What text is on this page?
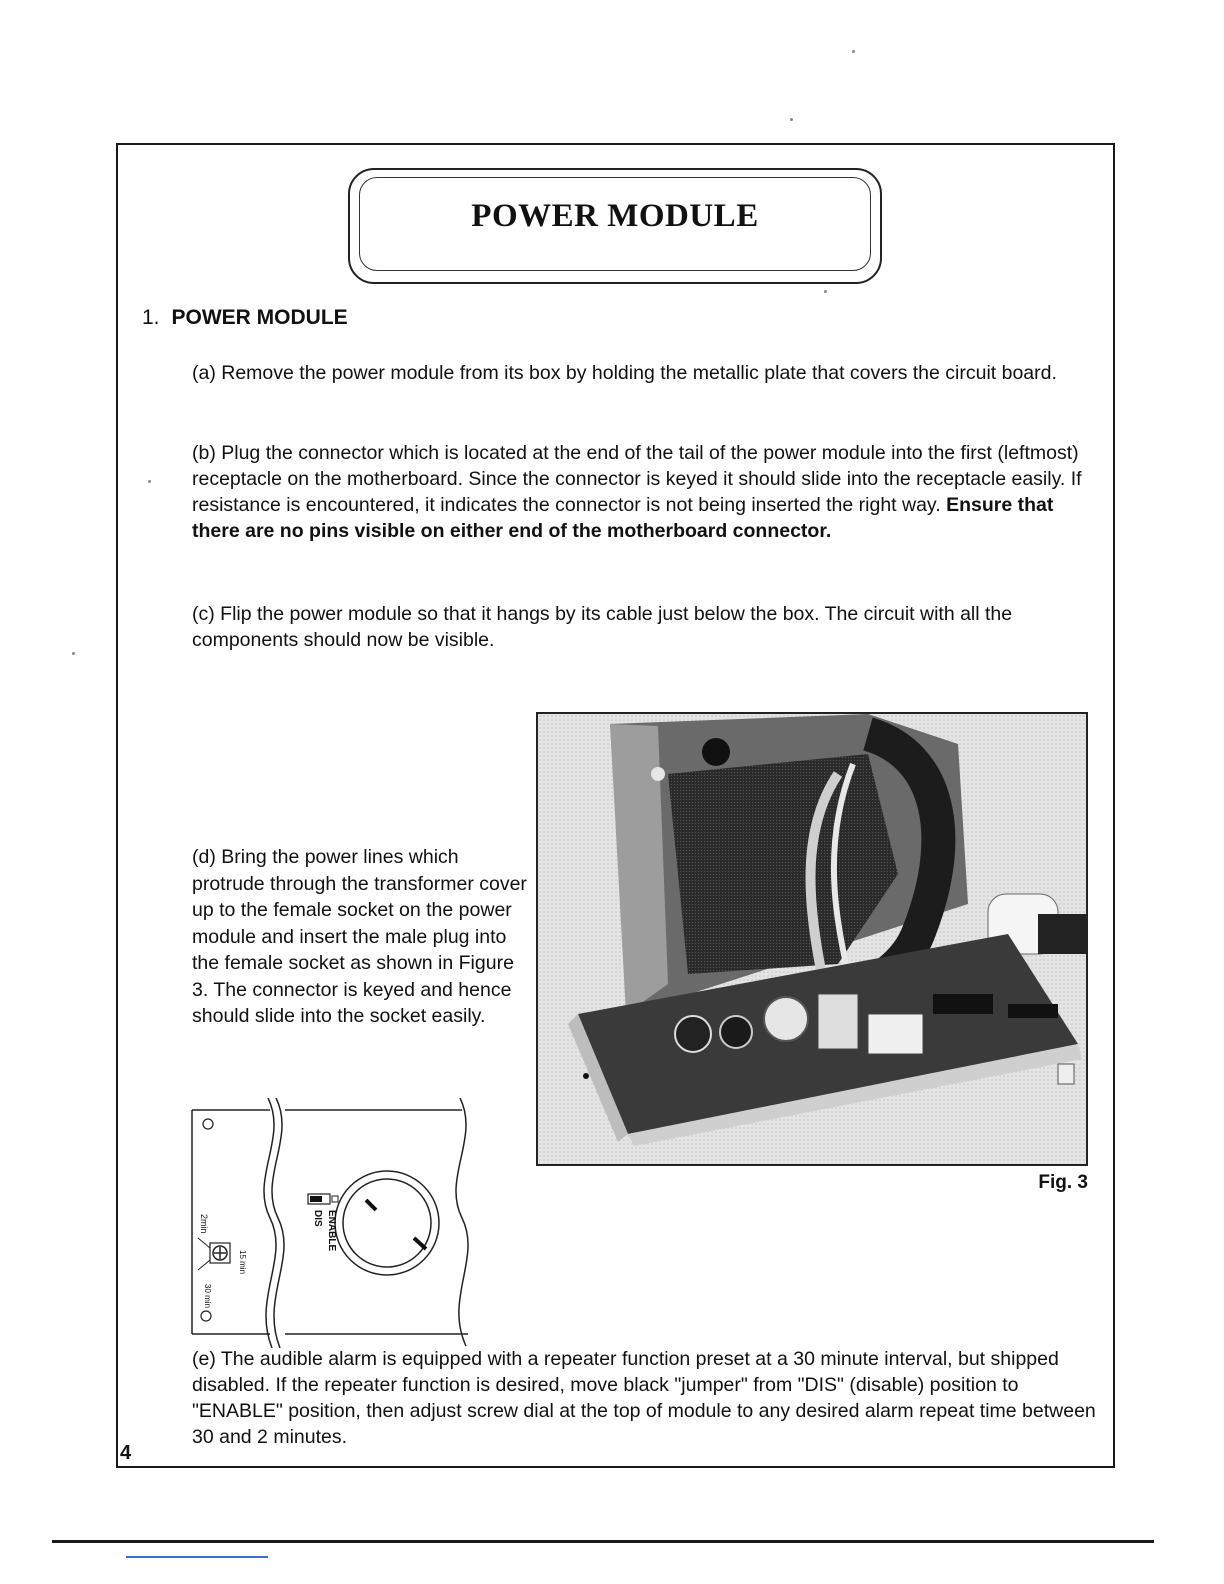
POWER MODULE
1. POWER MODULE
(a) Remove the power module from its box by holding the metallic plate that covers the circuit board.
(b) Plug the connector which is located at the end of the tail of the power module into the first (leftmost) receptacle on the motherboard. Since the connector is keyed it should slide into the receptacle easily. If resistance is encountered, it indicates the connector is not being inserted the right way. Ensure that there are no pins visible on either end of the motherboard connector.
(c) Flip the power module so that it hangs by its cable just below the box. The circuit with all the components should now be visible.
(d) Bring the power lines which protrude through the transformer cover up to the female socket on the power module and insert the male plug into the female socket as shown in Figure 3. The connector is keyed and hence should slide into the socket easily.
Fig. 3
DIS ENABLE
2min
15 min
30 min
(e) The audible alarm is equipped with a repeater function preset at a 30 minute interval, but shipped disabled. If the repeater function is desired, move black "jumper" from "DIS" (disable) position to "ENABLE" position, then adjust screw dial at the top of module to any desired alarm repeat time between 30 and 2 minutes.
4
